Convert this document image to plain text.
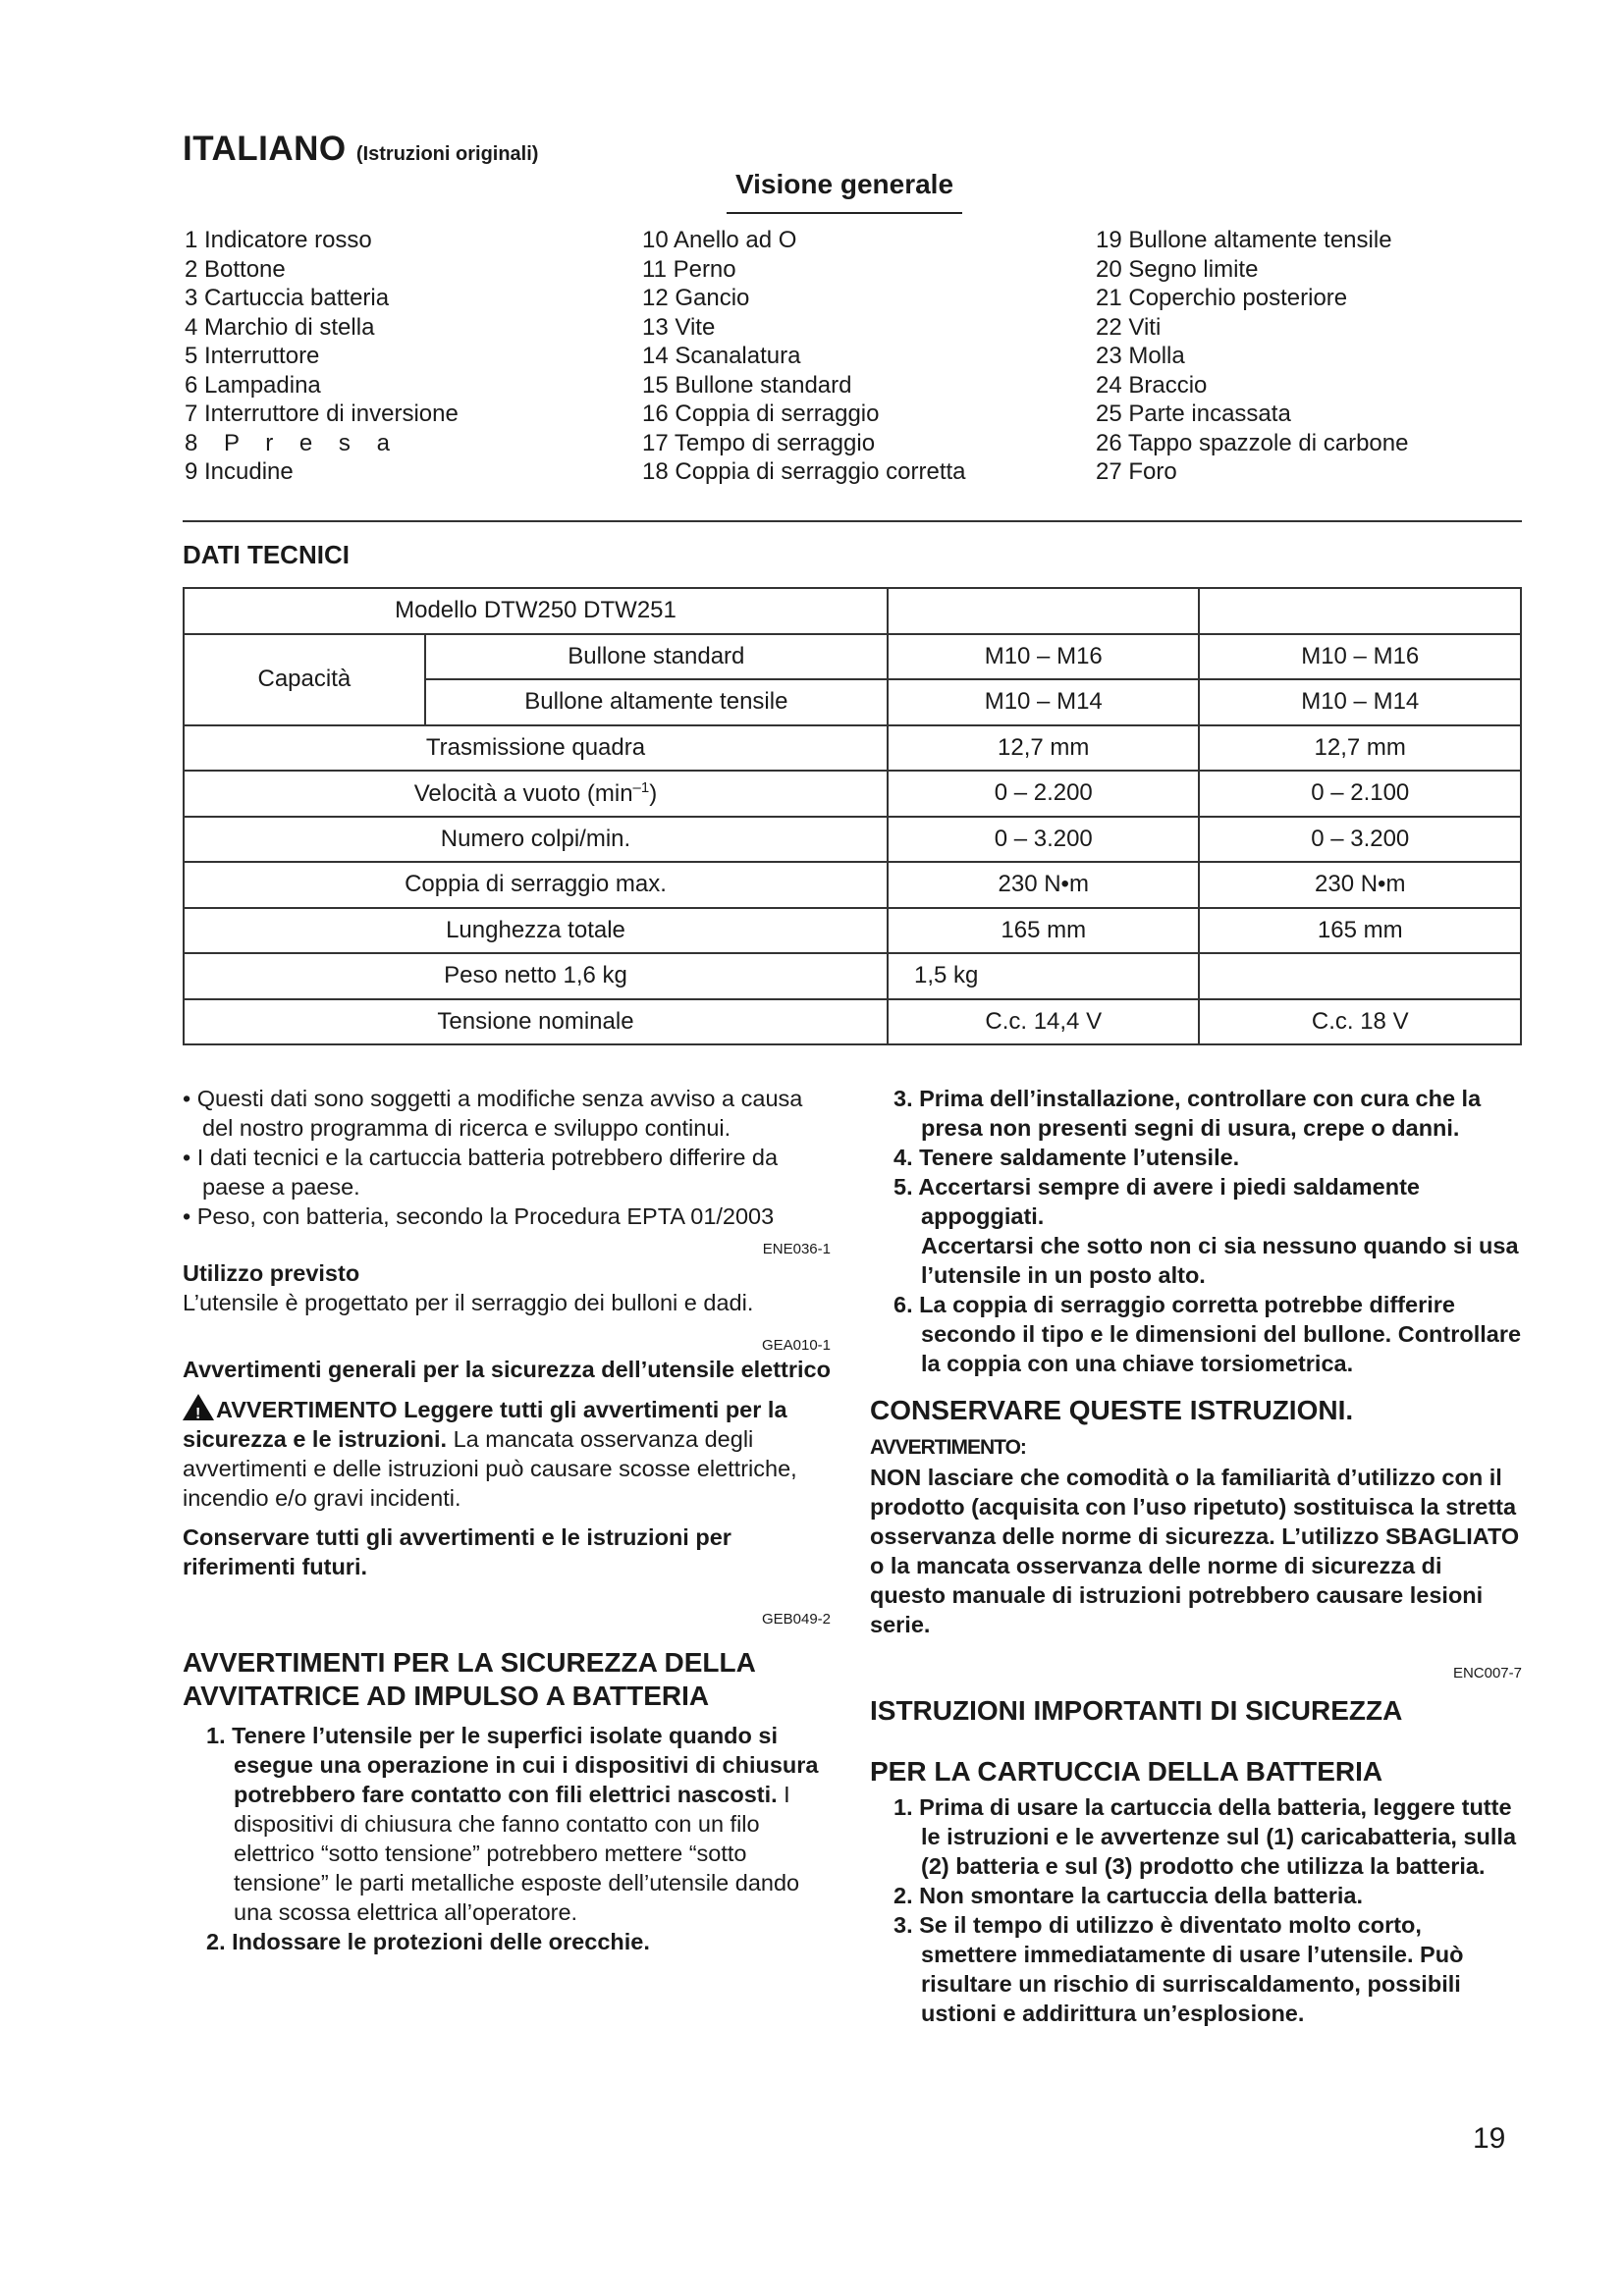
ITALIANO (Istruzioni originali)
Visione generale
1 Indicatore rosso
2 Bottone
3 Cartuccia batteria
4 Marchio di stella
5 Interruttore
6 Lampadina
7 Interruttore di inversione
8 P r e s a
9 Incudine
10 Anello ad O
11 Perno
12 Gancio
13 Vite
14 Scanalatura
15 Bullone standard
16 Coppia di serraggio
17 Tempo di serraggio
18 Coppia di serraggio corretta
19 Bullone altamente tensile
20 Segno limite
21 Coperchio posteriore
22 Viti
23 Molla
24 Braccio
25 Parte incassata
26 Tappo spazzole di carbone
27 Foro
DATI TECNICI
Modello DTW250 DTW251			
Capacità	Bullone standard	M10 – M16	M10 – M16
	Bullone altamente tensile	M10 – M14	M10 – M14
Trasmissione quadra		12,7 mm	12,7 mm
Velocità a vuoto $(\min^{-1})$		0 – 2.200	0 – 2.100
Numero colpi/min.		0 – 3.200	0 – 3.200
Coppia di serraggio max.		230 N•m	230 N•m
Lunghezza totale		165 mm	165 mm
Peso netto 1,6 kg		1,5 kg	
Tensione nominale		C.c. 14,4 V	C.c. 18 V

• Questi dati sono soggetti a modifiche senza avviso a causa del nostro programma di ricerca e sviluppo continui.

• I dati tecnici e la cartuccia batteria potrebbero differire da paese a paese.

• Peso, con batteria, secondo la Procedura EPTA 01/2003

ENE036-1

Utilizzo previsto

L’utensile è progettato per il serraggio dei bulloni e dadi.

GEA010-1

Avvertimenti generali per la sicurezza dell’utensile elettrico

!AVVERTIMENTO Leggere tutti gli avvertimenti per la sicurezza e le istruzioni. La mancata osservanza degli avvertimenti e delle istruzioni può causare scosse elettriche, incendio e/o gravi incidenti.

Conservare tutti gli avvertimenti e le istruzioni per riferimenti futuri.

GEB049-2

AVVERTIMENTI PER LA SICUREZZA DELLA AVVITATRICE AD IMPULSO A BATTERIA

1. Tenere l’utensile per le superfici isolate quando si esegue una operazione in cui i dispositivi di chiusura potrebbero fare contatto con fili elettrici nascosti. I dispositivi di chiusura che fanno contatto con un filo elettrico “sotto tensione” potrebbero mettere “sotto tensione” le parti metalliche esposte dell’utensile dando una scossa elettrica all’operatore.

2. Indossare le protezioni delle orecchie.

3. Prima dell’installazione, controllare con cura che la presa non presenti segni di usura, crepe o danni.

4. Tenere saldamente l’utensile.

5. Accertarsi sempre di avere i piedi saldamente appoggiati.

Accertarsi che sotto non ci sia nessuno quando si usa l’utensile in un posto alto.

6. La coppia di serraggio corretta potrebbe differire secondo il tipo e le dimensioni del bullone. Controllare la coppia con una chiave torsiometrica.

CONSERVARE QUESTE ISTRUZIONI.

AVVERTIMENTO:

NON lasciare che comodità o la familiarità d’utilizzo con il prodotto (acquisita con l’uso ripetuto) sostituisca la stretta osservanza delle norme di sicurezza. L’utilizzo SBAGLIATO o la mancata osservanza delle norme di sicurezza di questo manuale di istruzioni potrebbero causare lesioni serie.

ENC007-7

ISTRUZIONI IMPORTANTI DI SICUREZZA

PER LA CARTUCCIA DELLA BATTERIA

1. Prima di usare la cartuccia della batteria, leggere tutte le istruzioni e le avvertenze sul (1) caricabatteria, sulla (2) batteria e sul (3) prodotto che utilizza la batteria.

2. Non smontare la cartuccia della batteria.

3. Se il tempo di utilizzo è diventato molto corto, smettere immediatamente di usare l’utensile. Può risultare un rischio di surriscaldamento, possibili ustioni e addirittura un’esplosione.

19
